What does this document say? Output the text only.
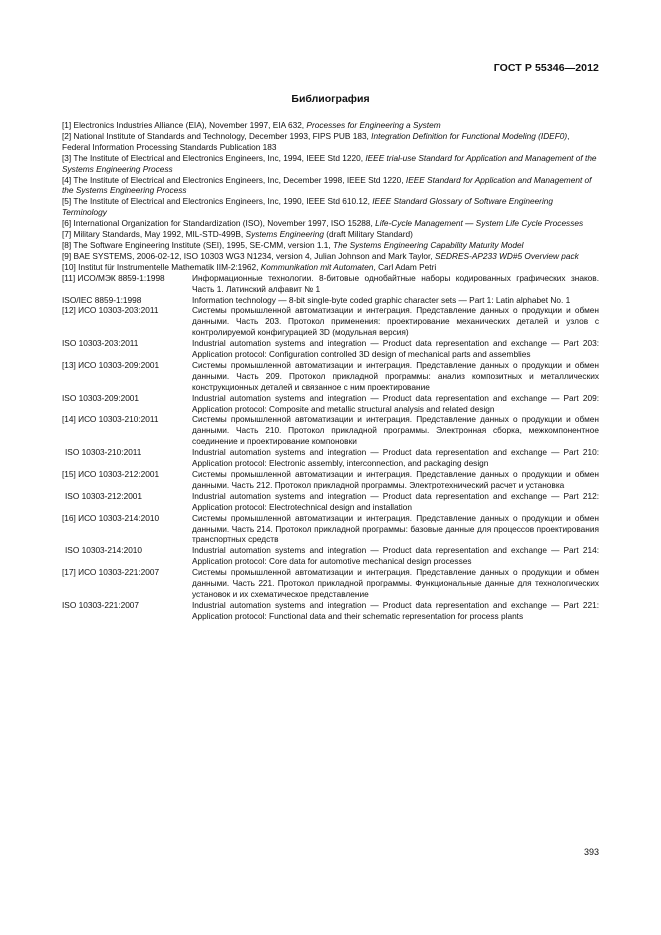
ГОСТ Р 55346—2012
Библиография

[1] Electronics Industries Alliance (EIA), November 1997, EIA 632, Processes for Engineering a System

[2] National Institute of Standards and Technology, December 1993, FIPS PUB 183, Integration Definition for Functional Modeling (IDEF0), Federal Information Processing Standards Publication 183

[3] The Institute of Electrical and Electronics Engineers, Inc, 1994, IEEE Std 1220, IEEE trial-use Standard for Application and Management of the Systems Engineering Process

[4] The Institute of Electrical and Electronics Engineers, Inc, December 1998, IEEE Std 1220, IEEE Standard for Application and Management of the Systems Engineering Process

[5] The Institute of Electrical and Electronics Engineers, Inc, 1990, IEEE Std 610.12, IEEE Standard Glossary of Software Engineering Terminology

[6] International Organization for Standardization (ISO), November 1997, ISO 15288, Life-Cycle Management — System Life Cycle Processes

[7] Military Standards, May 1992, MIL-STD-499B, Systems Engineering (draft Military Standard)

[8] The Software Engineering Institute (SEI), 1995, SE-CMM, version 1.1, The Systems Engineering Capability Maturity Model

[9] BAE SYSTEMS, 2006-02-12, ISO 10303 WG3 N1234, version 4, Julian Johnson and Mark Taylor, SEDRES-AP233 WD#5 Overview pack

[10] Institut für Instrumentelle Mathematik IIM-2:1962, Kommunikation mit Automaten, Carl Adam Petri

[11] ИСО/МЭК 8859-1:1998	Информационные технологии. 8-битовые однобайтные наборы кодированных графических знаков. Часть 1. Латинский алфавит № 1
ISO/IEC 8859-1:1998	Information technology — 8-bit single-byte coded graphic character sets — Part 1: Latin alphabet No. 1
[12] ИСО 10303-203:2011	Системы промышленной автоматизации и интеграция. Представление данных о продукции и обмен данными. Часть 203. Протокол применения: проектирование механических деталей и узлов с контролируемой конфигурацией 3D (модульная версия)
ISO 10303-203:2011	Industrial automation systems and integration — Product data representation and exchange — Part 203: Application protocol: Configuration controlled 3D design of mechanical parts and assemblies
[13] ИСО 10303-209:2001	Системы промышленной автоматизации и интеграция. Представление данных о продукции и обмен данными. Часть 209. Протокол прикладной программы: анализ композитных и металлических конструкционных деталей и связанное с ним проектирование
ISO 10303-209:2001	Industrial automation systems and integration — Product data representation and exchange — Part 209: Application protocol: Composite and metallic structural analysis and related design
[14] ИСО 10303-210:2011	Системы промышленной автоматизации и интеграция. Представление данных о продукции и обмен данными. Часть 210. Протокол прикладной программы. Электронная сборка, межкомпонентное соединение и проектирование компоновки
ISO 10303-210:2011	Industrial automation systems and integration — Product data representation and exchange — Part 210: Application protocol: Electronic assembly, interconnection, and packaging design
[15] ИСО 10303-212:2001	Системы промышленной автоматизации и интеграция. Представление данных о продукции и обмен данными. Часть 212. Протокол прикладной программы. Электротехнический расчет и установка
ISO 10303-212:2001	Industrial automation systems and integration — Product data representation and exchange — Part 212: Application protocol: Electrotechnical design and installation
[16] ИСО 10303-214:2010	Системы промышленной автоматизации и интеграция. Представление данных о продукции и обмен данными. Часть 214. Протокол прикладной программы: базовые данные для процессов проектирования транспортных средств
ISO 10303-214:2010	Industrial automation systems and integration — Product data representation and exchange — Part 214: Application protocol: Core data for automotive mechanical design processes
[17] ИСО 10303-221:2007	Системы промышленной автоматизации и интеграция. Представление данных о продукции и обмен данными. Часть 221. Протокол прикладной программы. Функциональные данные для технологических установок и их схематическое представление
ISO 10303-221:2007	Industrial automation systems and integration — Product data representation and exchange — Part 221: Application protocol: Functional data and their schematic representation for process plants
393
